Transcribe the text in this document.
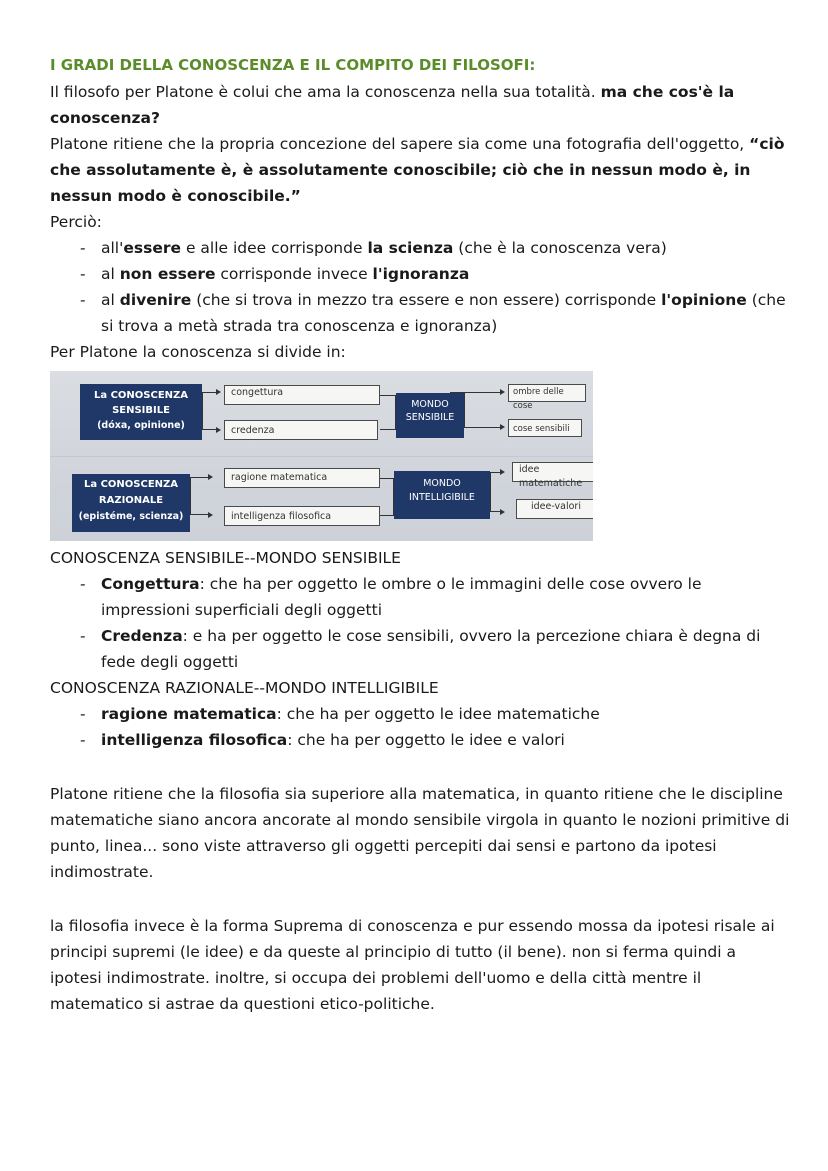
I GRADI DELLA CONOSCENZA E IL COMPITO DEI FILOSOFI:

Il filosofo per Platone è colui che ama la conoscenza nella sua totalità. ma che cos'è la conoscenza?

Platone ritiene che la propria concezione del sapere sia come una fotografia dell'oggetto, “ciò che assolutamente è, è assolutamente conoscibile; ciò che in nessun modo è, in nessun modo è conoscibile.”

Perciò:

- all'essere e alle idee corrisponde la scienza (che è la conoscenza vera)
- al non essere corrisponde invece l'ignoranza
- al divenire (che si trova in mezzo tra essere e non essere) corrisponde l'opinione (che si trova a metà strada tra conoscenza e ignoranza)

Per Platone la conoscenza si divide in:

La CONOSCENZA
SENSIBILE
(dóxa, opinione)
La CONOSCENZA
RAZIONALE
(epistéme, scienza)
congettura
credenza
ragione matematica
intelligenza filosofica
MONDO
SENSIBILE
MONDO
INTELLIGIBILE
ombre delle cose
cose sensibili
idee matematiche
idee-valori

CONOSCENZA SENSIBILE--MONDO SENSIBILE

- Congettura: che ha per oggetto le ombre o le immagini delle cose ovvero le impressioni superficiali degli oggetti
- Credenza: e ha per oggetto le cose sensibili, ovvero la percezione chiara è degna di fede degli oggetti

CONOSCENZA RAZIONALE--MONDO INTELLIGIBILE

- ragione matematica: che ha per oggetto le idee matematiche
- intelligenza filosofica: che ha per oggetto le idee e valori

Platone ritiene che la filosofia sia superiore alla matematica, in quanto ritiene che le discipline matematiche siano ancora ancorate al mondo sensibile virgola in quanto le nozioni primitive di punto, linea... sono viste attraverso gli oggetti percepiti dai sensi e partono da ipotesi indimostrate.

la filosofia invece è la forma Suprema di conoscenza e pur essendo mossa da ipotesi risale ai principi supremi (le idee) e da queste al principio di tutto (il bene). non si ferma quindi a ipotesi indimostrate. inoltre, si occupa dei problemi dell'uomo e della città mentre il matematico si astrae da questioni etico-politiche.
